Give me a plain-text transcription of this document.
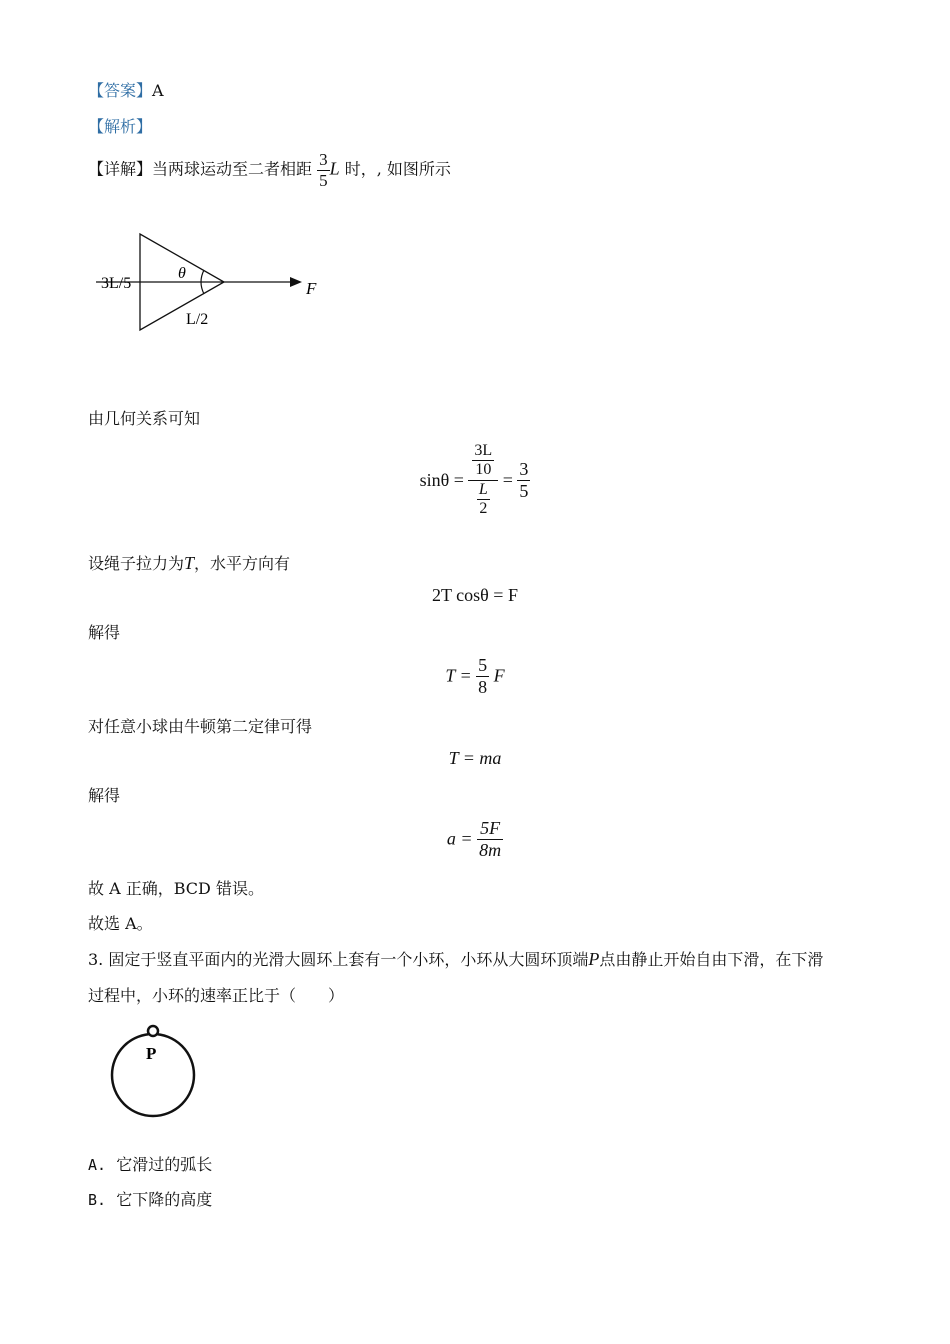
【答案】A
【解析】
【详解】当两球运动至二者相距 $\frac{3}{5}$ L 时，, 如图所示
3L/5
θ
L/2
F
由几何关系可知
$\sin\theta = \frac{\frac{3L}{10}}{\frac{L}{2}} = \frac{3}{5}$
设绳子拉力为T，水平方向有
2T cosθ = F
解得
$T = \frac{5}{8}$ F
对任意小球由牛顿第二定律可得
T = ma
解得
$a = \frac{5F}{8m}$
故 A 正确，BCD 错误。
故选 A。
3. 固定于竖直平面内的光滑大圆环上套有一个小环，小环从大圆环顶端P点由静止开始自由下滑，在下滑
过程中，小环的速率正比于（　　）
P
A. 它滑过的弧长
B. 它下降的高度
